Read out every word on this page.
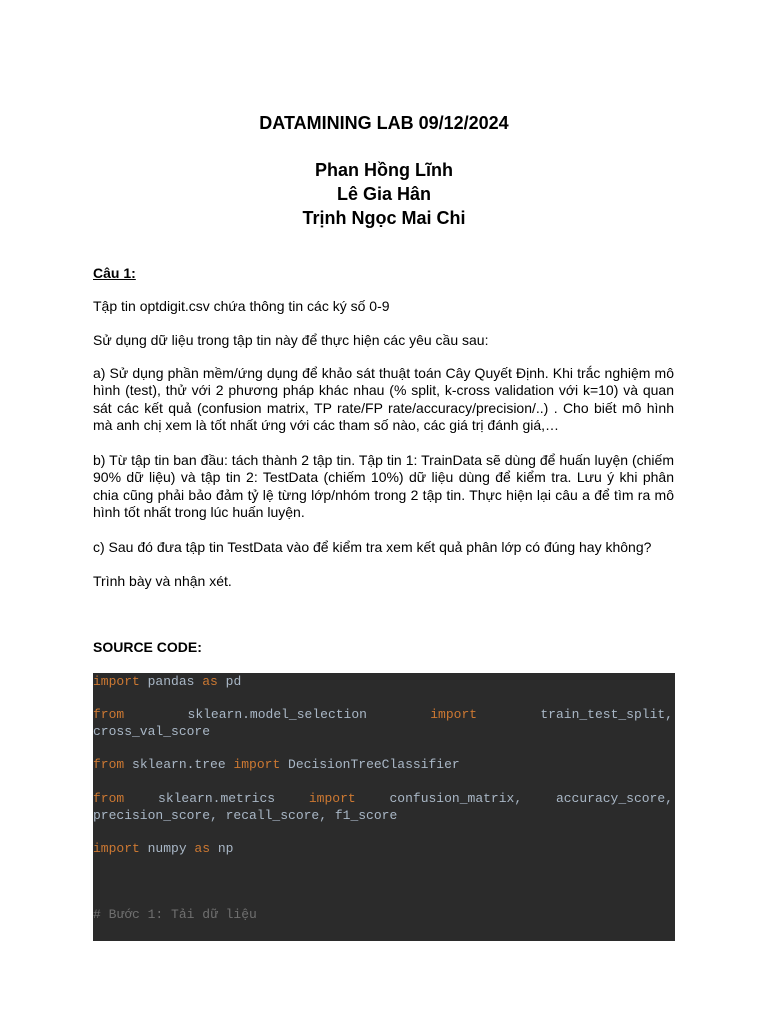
DATAMINING LAB 09/12/2024
Phan Hồng Lĩnh
Lê Gia Hân
Trịnh Ngọc Mai Chi

Câu 1:

Tập tin optdigit.csv chứa thông tin các ký số 0-9

Sử dụng dữ liệu trong tập tin này để thực hiện các yêu cầu sau:

a) Sử dụng phần mềm/ứng dụng để khảo sát thuật toán Cây Quyết Định. Khi trắc nghiệm mô hình (test), thử với 2 phương pháp khác nhau (% split, k-cross validation với k=10) và quan sát các kết quả (confusion matrix, TP rate/FP rate/accuracy/precision/..) . Cho biết mô hình mà anh chị xem là tốt nhất ứng với các tham số nào, các giá trị đánh giá,…

b) Từ tập tin ban đầu: tách thành 2 tập tin. Tập tin 1: TrainData sẽ dùng để huấn luyện (chiếm 90% dữ liệu) và tập tin 2: TestData (chiếm 10%) dữ liệu dùng để kiểm tra. Lưu ý khi phân chia cũng phải bảo đảm tỷ lệ từng lớp/nhóm trong 2 tập tin. Thực hiện lại câu a để tìm ra mô hình tốt nhất trong lúc huấn luyện.

c) Sau đó đưa tập tin TestData vào để kiểm tra xem kết quả phân lớp có đúng hay không?

Trình bày và nhận xét.

SOURCE CODE:

import pandas as pd
from	sklearn.model_selection	import	train_test_split,
cross_val_score
from sklearn.tree import DecisionTreeClassifier
from	sklearn.metrics	import	confusion_matrix,	accuracy_score,
precision_score, recall_score, f1_score
import numpy as np
# Bước 1: Tải dữ liệu
